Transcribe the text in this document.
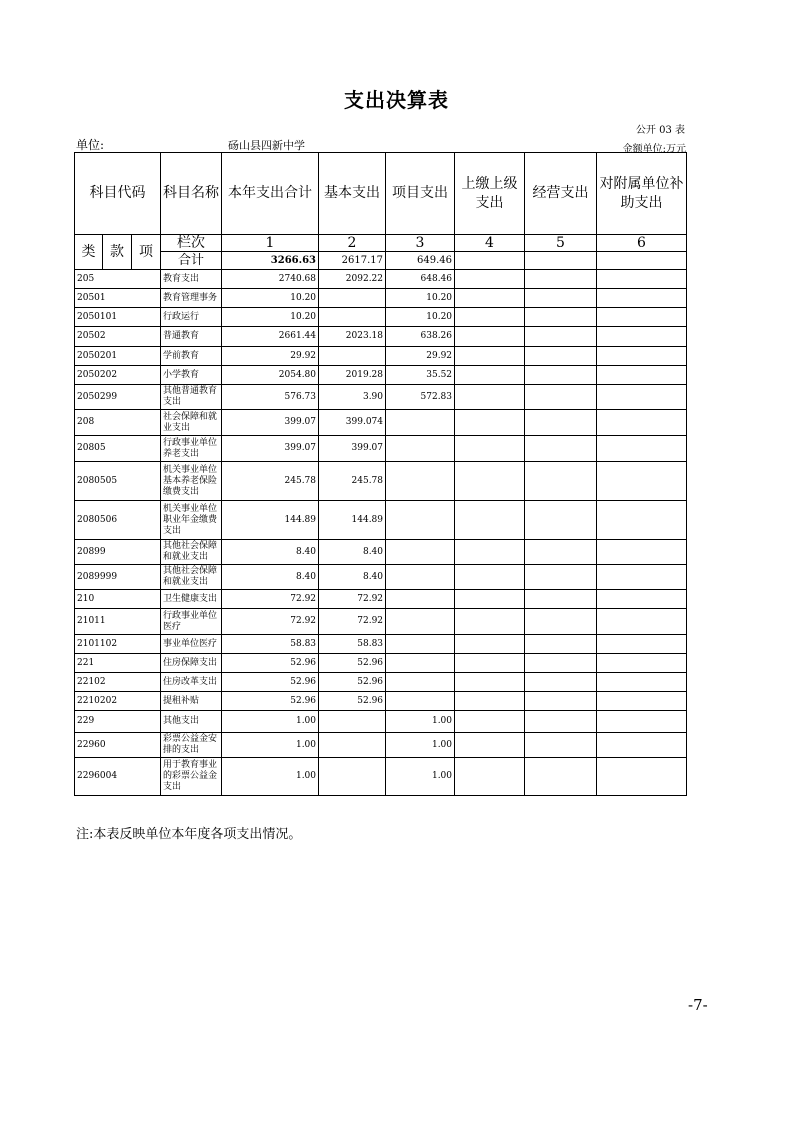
支出决算表
公开 03 表
单位:	砀山县四新中学	金额单位:万元
科目代码			科目名称	本年支出合计	基本支出	项目支出	上缴上级支出	经营支出	对附属单位补助支出
类	款	项	栏次	1	2	3	4	5	6
			合计	3266.63	2617.17	649.46			
205			教育支出	2740.68	2092.22	648.46			
20501			教育管理事务	10.20		10.20			
2050101			行政运行	10.20		10.20			
20502			普通教育	2661.44	2023.18	638.26			
2050201			学前教育	29.92		29.92			
2050202			小学教育	2054.80	2019.28	35.52			
2050299			其他普通教育支出	576.73	3.90	572.83			
208			社会保障和就业支出	399.07	399.074				
20805			行政事业单位养老支出	399.07	399.07				
2080505			机关事业单位基本养老保险缴费支出	245.78	245.78				
2080506			机关事业单位职业年金缴费支出	144.89	144.89				
20899			其他社会保障和就业支出	8.40	8.40				
2089999			其他社会保障和就业支出	8.40	8.40				
210			卫生健康支出	72.92	72.92				
21011			行政事业单位医疗	72.92	72.92				
2101102			事业单位医疗	58.83	58.83				
221			住房保障支出	52.96	52.96				
22102			住房改革支出	52.96	52.96				
2210202			提租补贴	52.96	52.96				
229			其他支出	1.00		1.00			
22960			彩票公益金安排的支出	1.00		1.00			
2296004			用于教育事业的彩票公益金支出	1.00		1.00			
注:本表反映单位本年度各项支出情况。
-7-
